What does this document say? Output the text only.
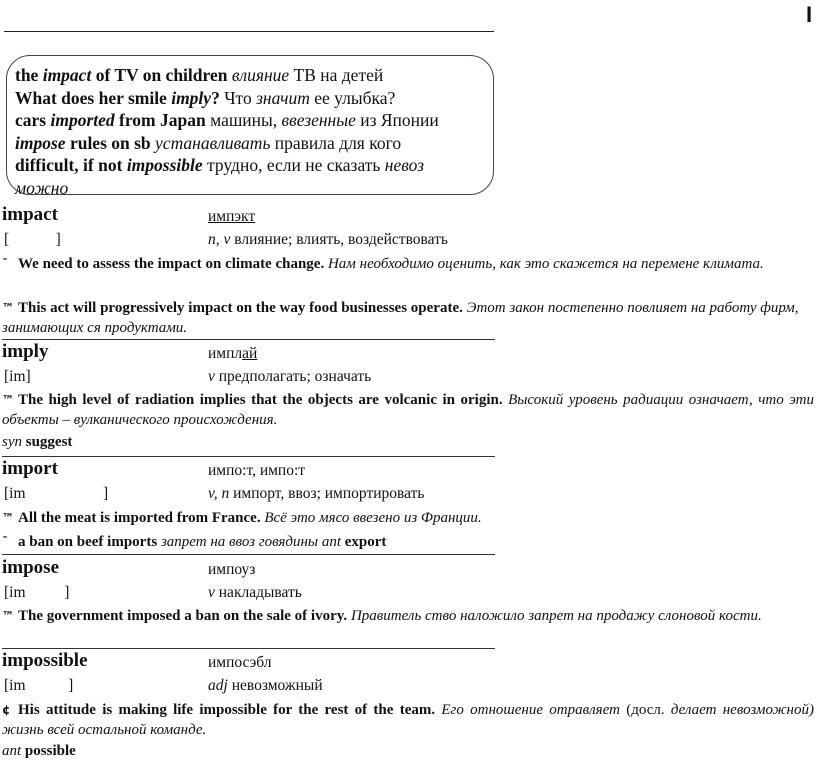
I
the impact of TV on children влияние ТВ на детей
What does her smile imply? Что значит ее улыбка?
cars imported from Japan машины, ввезенные из Японии
impose rules on sb устанавливать правила для кого
difficult, if not impossible трудно, если не сказать невоз
можно
impact	импэкт
[            ]	n, v влияние; влиять, воздействовать
ˉ We need to assess the impact on climate change. Нам необходимо оценить, как это скажется на перемене климата.
™ This act will progressively impact on the way food businesses operate. Этот закон постепенно повлияет на работу фирм, занимающих ся продуктами.
imply	имплай
[im]	v предполагать; означать
™ The high level of radiation implies that the objects are volcanic in origin. Высокий уровень радиации означает, что эти объекты – вулканического происхождения.
syn suggest
import	импо:т, импо:т
[im                    ]	v, n импорт, ввоз; импортировать
™ All the meat is imported from France. Всё это мясо ввезено из Франции.
ˉ a ban on beef imports запрет на ввоз говядины ant export
impose	импоуз
[im          ]	v накладывать
™ The government imposed a ban on the sale of ivory. Правитель ство наложило запрет на продажу слоновой кости.
impossible	импосэбл
[im           ]	adj невозможный
¢ His attitude is making life impossible for the rest of the team. Его отношение отравляет (досл. делает невозможной) жизнь всей остальной команде.
ant possible
